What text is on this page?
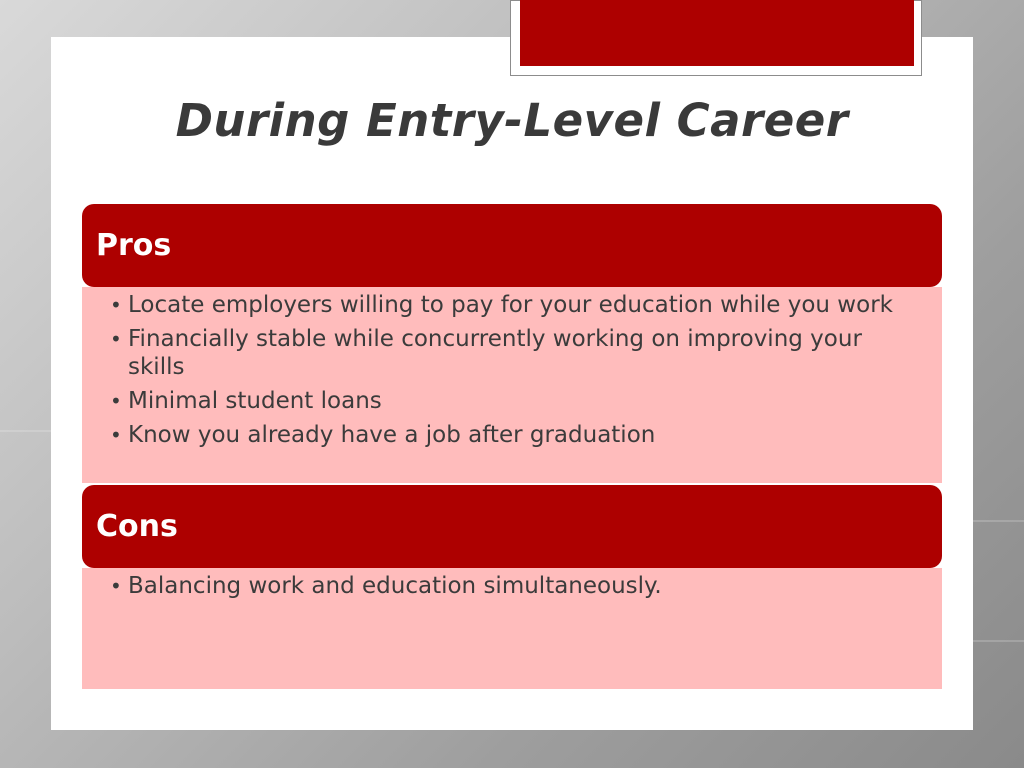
During Entry-Level Career
Pros
• Locate employers willing to pay for your education while you work
• Financially stable while concurrently working on improving your skills
• Minimal student loans
• Know you already have a job after graduation
Cons
• Balancing work and education simultaneously.
